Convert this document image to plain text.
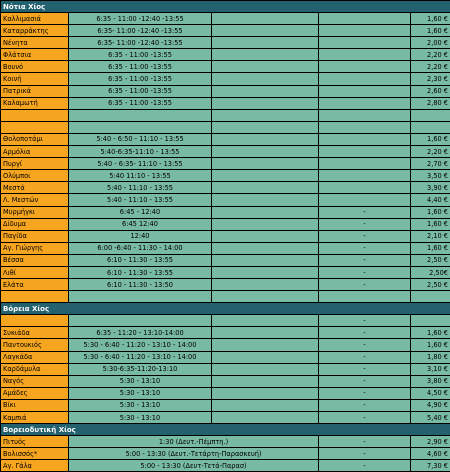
Νότια Χίος				
Καλλιμασιά	6:35 - 11:00 -12:40 -13:55			1,60 €
Καταρράκτης	6:35- 11:00 -12:40 -13:55			1,60 €
Νένητα	6:35- 11:00 -12:40 -13:55			2,00 €
Φλάτσια	6:35 - 11:00 -13:55			2,20 €
Βουνό	6:35 - 11:00 -13:55			2,20 €
Κοινή	6:35 - 11:00 -13:55			2,30 €
Πατρικά	6:35 - 11:00 -13:55			2,60 €
Καλαμωτή	6:35 - 11:00 -13:55			2,80 €

Θολοποτάμι	5:40 - 6:50 - 11:10 - 13:55			1,60 €
Αρμόλια	5:40-6:35-11:10 - 13:55			2,20 €
Πυργί	5:40 - 6:35- 11:10 - 13:55			2,70 €
Ολύμποι	5:40 11:10 - 13:55			3,50 €
Μεστά	5:40 - 11:10 - 13:55			3,90 €
Λ. Μεστών	5:40 - 11:10 - 13:55			4,40 €
Μυρμήγκι	6:45 - 12:40		-	1,60 €
Δίδυμα	6:45 12:40		-	1,60 €
Παγίδα	12:40		-	2,10 €
Αγ. Γιώργης	6:00 -6:40 - 11:30 - 14:00		-	1,60 €
Βέσσα	6:10 - 11:30 - 13:55		-	2,50 €
Λιθί	6:10 - 11:30 - 13:55		-	2,50€
Ελάτα	6:10 - 11:30 - 13:50		-	2,50 €

Βόρεια Χίος				
			-	
Συκιάδα	6:35 - 11:20 - 13:10-14:00		-	1,60 €
Παντουκιός	5:30 - 6:40 - 11:20 - 13:10 - 14:00		-	1,60 €
Λαγκάδα	5:30 - 6:40 - 11:20 - 13:10 - 14:00		-	1,80 €
Καρδάμυλα	5:30-6:35-11:20-13:10		-	3,10 €
Ναγός	5:30 - 13:10		-	3,80 €
Αμάδες	5:30 - 13:10		-	4,50 €
Βίκι	5:30 - 13:10		-	4,90 €
Καμπιά	5:30 - 13:10		-	5,40 €
Βορειοδυτική Χίος				
Πιτυός	1:30 (Δευτ.-Πέμπτη.)		-	2,90 €
Βολισσός*	5:00 - 13:30 (Δευτ.-Τετάρτη-Παρασκευή)		-	4,60 €
Αγ. Γάλα	5:00 - 13:30 (Δευτ-Τετά-Παρασ)		-	7,30 €
